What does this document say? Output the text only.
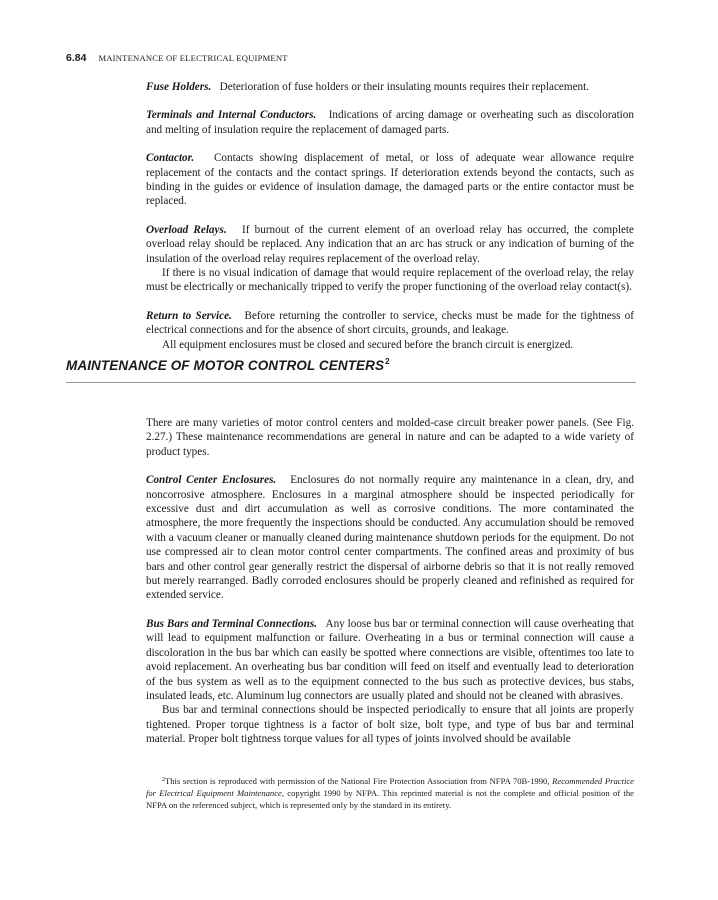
6.84 MAINTENANCE OF ELECTRICAL EQUIPMENT

Fuse Holders. Deterioration of fuse holders or their insulating mounts requires their replacement.

Terminals and Internal Conductors. Indications of arcing damage or overheating such as discoloration and melting of insulation require the replacement of damaged parts.

Contactor. Contacts showing displacement of metal, or loss of adequate wear allowance require replacement of the contacts and the contact springs. If deterioration extends beyond the contacts, such as binding in the guides or evidence of insulation damage, the damaged parts or the entire contactor must be replaced.

Overload Relays. If burnout of the current element of an overload relay has occurred, the complete overload relay should be replaced. Any indication that an arc has struck or any indication of burning of the insulation of the overload relay requires replacement of the overload relay.

If there is no visual indication of damage that would require replacement of the overload relay, the relay must be electrically or mechanically tripped to verify the proper functioning of the overload relay contact(s).

Return to Service. Before returning the controller to service, checks must be made for the tightness of electrical connections and for the absence of short circuits, grounds, and leakage.

All equipment enclosures must be closed and secured before the branch circuit is energized.

MAINTENANCE OF MOTOR CONTROL CENTERS$^2$

There are many varieties of motor control centers and molded-case circuit breaker power panels. (See Fig. 2.27.) These maintenance recommendations are general in nature and can be adapted to a wide variety of product types.

Control Center Enclosures. Enclosures do not normally require any maintenance in a clean, dry, and noncorrosive atmosphere. Enclosures in a marginal atmosphere should be inspected periodically for excessive dust and dirt accumulation as well as corrosive conditions. The more contaminated the atmosphere, the more frequently the inspections should be conducted. Any accumulation should be removed with a vacuum cleaner or manually cleaned during maintenance shutdown periods for the equipment. Do not use compressed air to clean motor control center compartments. The confined areas and proximity of bus bars and other control gear generally restrict the dispersal of airborne debris so that it is not really removed but merely rearranged. Badly corroded enclosures should be properly cleaned and refinished as required for extended service.

Bus Bars and Terminal Connections. Any loose bus bar or terminal connection will cause overheating that will lead to equipment malfunction or failure. Overheating in a bus or terminal connection will cause a discoloration in the bus bar which can easily be spotted where connections are visible, oftentimes too late to avoid replacement. An overheating bus bar condition will feed on itself and eventually lead to deterioration of the bus system as well as to the equipment connected to the bus such as protective devices, bus stabs, insulated leads, etc. Aluminum lug connectors are usually plated and should not be cleaned with abrasives.

Bus bar and terminal connections should be inspected periodically to ensure that all joints are properly tightened. Proper torque tightness is a factor of bolt size, bolt type, and type of bus bar and terminal material. Proper bolt tightness torque values for all types of joints involved should be available

$^2$This section is reproduced with permission of the National Fire Protection Association from NFPA 70B-1990, Recommended Practice for Electrical Equipment Maintenance, copyright 1990 by NFPA. This reprinted material is not the complete and official position of the NFPA on the referenced subject, which is represented only by the standard in its entirety.
